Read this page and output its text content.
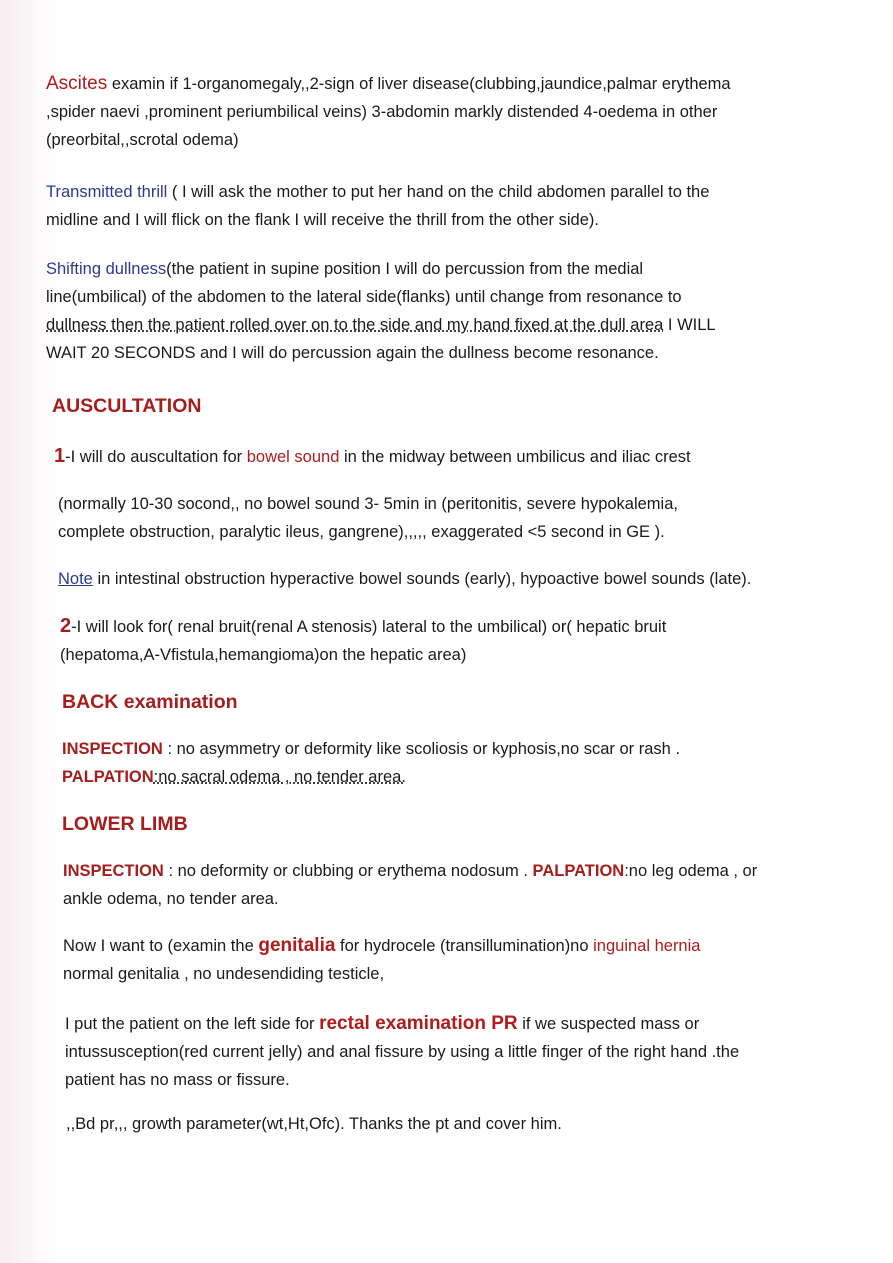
Ascites examin if 1-organomegaly,,2-sign of liver disease(clubbing,jaundice,palmar erythema
,spider naevi ,prominent periumbilical veins) 3-abdomin markly distended 4-oedema in other
(preorbital,,scrotal odema)
Transmitted thrill ( I will ask the mother to put her hand on the child abdomen parallel to the
midline and I will flick on the flank I will receive the thrill from the other side).
Shifting dullness(the patient in supine position I will do percussion from the medial
line(umbilical) of the abdomen to the lateral side(flanks) until change from resonance to
dullness then the patient rolled over on to the side and my hand fixed at the dull area I WILL
WAIT 20 SECONDS and I will do percussion again the dullness become resonance.
AUSCULTATION
1-I will do auscultation for bowel sound in the midway between umbilicus and iliac crest
(normally 10-30 socond,, no bowel sound 3- 5min in (peritonitis, severe hypokalemia,
complete obstruction, paralytic ileus, gangrene),,,,, exaggerated <5 second in GE ).
Note in intestinal obstruction hyperactive bowel sounds (early), hypoactive bowel sounds (late).
2-I will look for( renal bruit(renal A stenosis) lateral to the umbilical) or( hepatic bruit
(hepatoma,A-Vfistula,hemangioma)on the hepatic area)
BACK examination
INSPECTION : no asymmetry or deformity like scoliosis or kyphosis,no scar or rash .
PALPATION:no sacral odema , no tender area.
LOWER LIMB
INSPECTION : no deformity or clubbing or erythema nodosum . PALPATION:no leg odema , or
ankle odema, no tender area.
Now I want to (examin the genitalia for hydrocele (transillumination)no inguinal hernia
normal genitalia , no undesendiding testicle,
I put the patient on the left side for rectal examination PR if we suspected mass or
intussusception(red current jelly) and anal fissure by using a little finger of the right hand .the
patient has no mass or fissure.
,,Bd pr,,, growth parameter(wt,Ht,Ofc). Thanks the pt and cover him.
